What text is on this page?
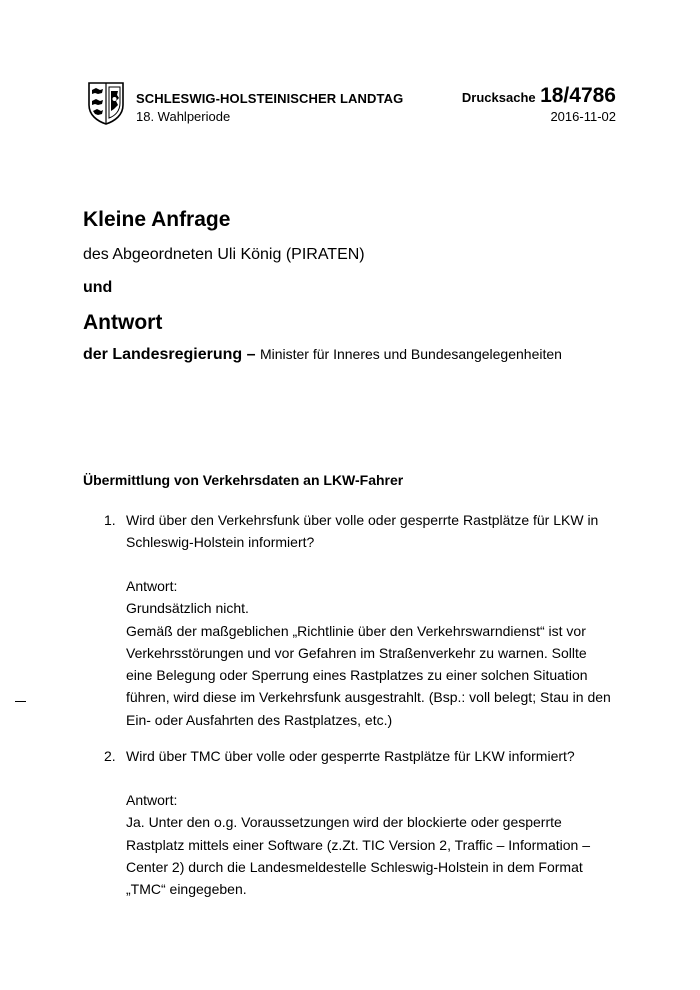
SCHLESWIG-HOLSTEINISCHER LANDTAG
18. Wahlperiode
Drucksache 18/4786
2016-11-02
Kleine Anfrage
des Abgeordneten Uli König (PIRATEN)
und
Antwort
der Landesregierung – Minister für Inneres und Bundesangelegenheiten
Übermittlung von Verkehrsdaten an LKW-Fahrer
1. Wird über den Verkehrsfunk über volle oder gesperrte Rastplätze für LKW in
Schleswig-Holstein informiert?
Antwort:
Grundsätzlich nicht.
Gemäß der maßgeblichen „Richtlinie über den Verkehrswarndienst“ ist vor
Verkehrsstörungen und vor Gefahren im Straßenverkehr zu warnen. Sollte
eine Belegung oder Sperrung eines Rastplatzes zu einer solchen Situation
führen, wird diese im Verkehrsfunk ausgestrahlt. (Bsp.: voll belegt; Stau in den
Ein- oder Ausfahrten des Rastplatzes, etc.)
2. Wird über TMC über volle oder gesperrte Rastplätze für LKW informiert?
Antwort:
Ja. Unter den o.g. Voraussetzungen wird der blockierte oder gesperrte
Rastplatz mittels einer Software (z.Zt. TIC Version 2, Traffic – Information –
Center 2) durch die Landesmeldestelle Schleswig-Holstein in dem Format
„TMC“ eingegeben.
